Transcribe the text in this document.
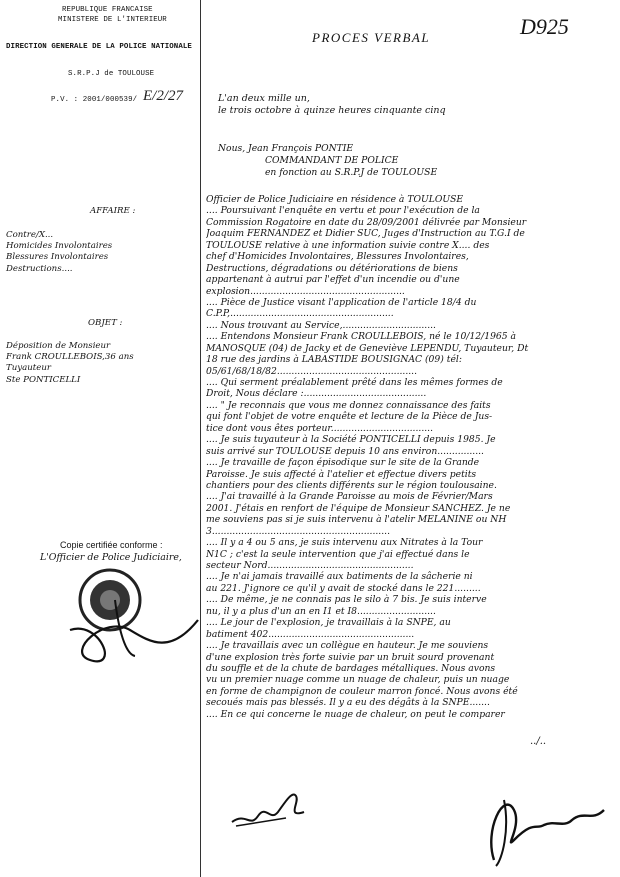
REPUBLIQUE FRANCAISE
MINISTERE DE L'INTERIEUR
DIRECTION GENERALE DE LA POLICE NATIONALE
S.R.P.J de TOULOUSE
P.V. : 2001/000539/ E/2/27
PROCES VERBAL	D925
L'an deux mille un,
le trois octobre à quinze heures cinquante cinq
Nous, Jean François PONTIE
COMMANDANT DE POLICE
en fonction au S.R.P.J de TOULOUSE
AFFAIRE :
Contre/X...
Homicides Involontaires
Blessures Involontaires
Destructions....
OBJET :
Déposition de Monsieur
Frank CROULLEBOIS,36 ans
Tuyauteur
Ste PONTICELLI
Copie certifiée conforme :
L'Officier de Police Judiciaire,
Officier de Police Judiciaire en résidence à TOULOUSE
.... Poursuivant l'enquête en vertu et pour l'exécution de la
Commission Rogatoire en date du 28/09/2001 délivrée par Monsieur
Joaquim FERNANDEZ et Didier SUC, Juges d'Instruction au T.G.I de
TOULOUSE relative à une information suivie contre X.... des
chef d'Homicides Involontaires, Blessures Involontaires,
Destructions, dégradations ou détériorations de biens
appartenant à autrui par l'effet d'un incendie ou d'une
explosion.....................................................
.... Pièce de Justice visant l'application de l'article 18/4 du
C.P.P,........................................................
.... Nous trouvant au Service,................................
.... Entendons Monsieur Frank CROULLEBOIS, né le 10/12/1965 à
MANOSQUE (04) de Jacky et de Geneviève LEPENDU, Tuyauteur, Dt
18 rue des jardins à LABASTIDE BOUSIGNAC (09) tél:
05/61/68/18/82................................................
.... Qui serment préalablement prêté dans les mêmes formes de
Droit, Nous déclare :..........................................
.... " Je reconnais que vous me donnez connaissance des faits
qui font l'objet de votre enquête et lecture de la Pièce de Jus-
tice dont vous êtes porteur...................................
.... Je suis tuyauteur à la Société PONTICELLI depuis 1985. Je
suis arrivé sur TOULOUSE depuis 10 ans environ................
.... Je travaille de façon épisodique sur le site de la Grande
Paroisse. Je suis affecté à l'atelier et effectue divers petits
chantiers pour des clients différents sur le région toulousaine.
.... J'ai travaillé à la Grande Paroisse au mois de Février/Mars
2001. J'étais en renfort de l'équipe de Monsieur SANCHEZ. Je ne
me souviens pas si je suis intervenu à l'atelir MELANINE ou NH
3.............................................................
.... Il y a 4 ou 5 ans, je suis intervenu aux Nitrates à la Tour
N1C ; c'est la seule intervention que j'ai effectué dans le
secteur Nord..................................................
.... Je n'ai jamais travaillé aux batiments de la sâcherie ni
au 221. J'ignore ce qu'il y avait de stocké dans le 221.........
.... De même, je ne connais pas le silo à 7 bis. Je suis interve
nu, il y a plus d'un an en I1 et I8...........................
.... Le jour de l'explosion, je travaillais à la SNPE, au
batiment 402..................................................
.... Je travaillais avec un collègue en hauteur. Je me souviens
d'une explosion très forte suivie par un bruit sourd provenant
du souffle et de la chute de bardages métalliques. Nous avons
vu un premier nuage comme un nuage de chaleur, puis un nuage
en forme de champignon de couleur marron foncé. Nous avons été
secoués mais pas blessés. Il y a eu des dégâts à la SNPE.......
.... En ce qui concerne le nuage de chaleur, on peut le comparer
../..
